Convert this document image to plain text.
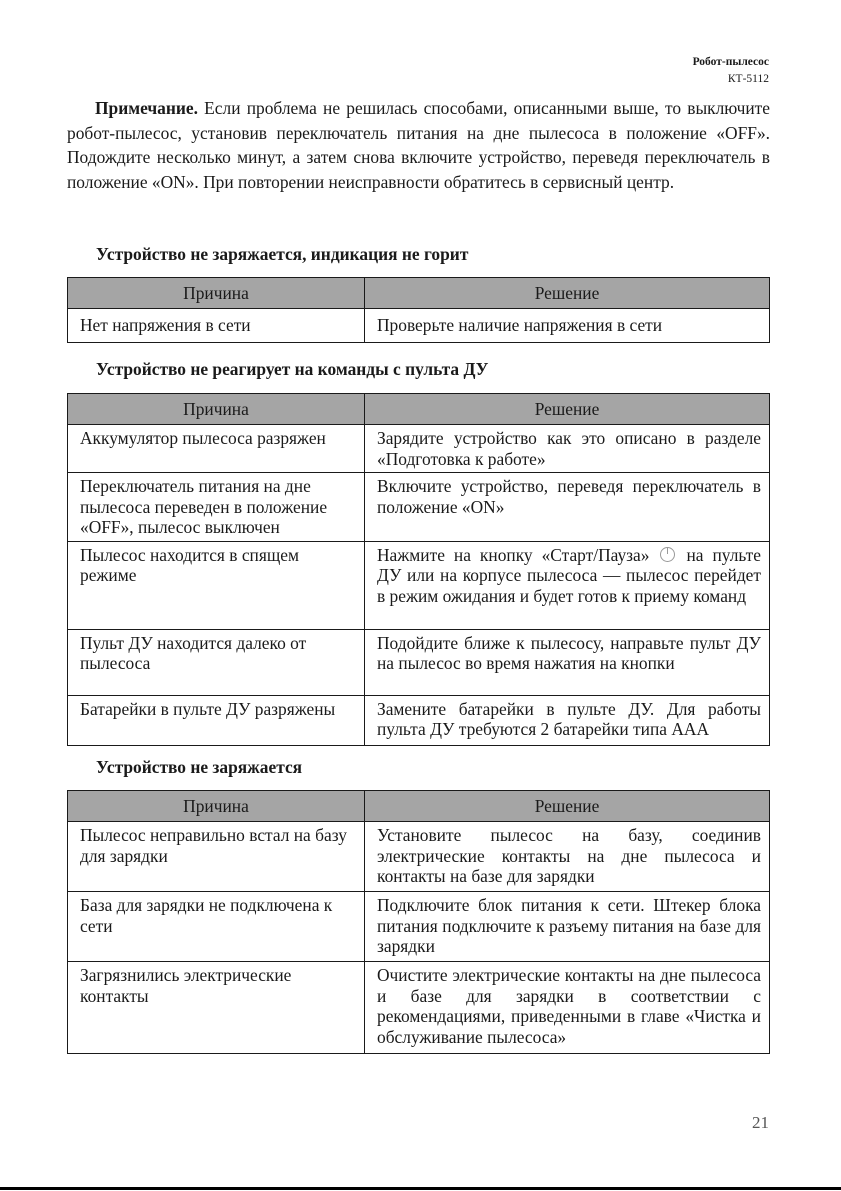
Робот-пылесос
КТ-5112

Примечание. Если проблема не решилась способами, описанными выше, то выключите робот-пылесос, установив переключатель питания на дне пылесоса в положение «OFF». Подождите несколько минут, а затем снова включите устройство, переведя переключатель в положение «ON». При повторении неисправности обратитесь в сервисный центр.

Устройство не заряжается, индикация не горит
Причина	Решение
Нет напряжения в сети	Проверьте наличие напряжения в сети
Устройство не реагирует на команды с пульта ДУ
Причина	Решение
Аккумулятор пылесоса разряжен	Зарядите устройство как это описано в разделе «Подготовка к работе»
Переключатель питания на дне пылесоса переведен в положение «OFF», пылесос выключен	Включите устройство, переведя переключатель в положение «ON»
Пылесос находится в спящем режиме	Нажмите на кнопку «Старт/Пауза» на пульте ДУ или на корпусе пылесоса — пылесос перейдет в режим ожидания и будет готов к приему команд
Пульт ДУ находится далеко от пылесоса	Подойдите ближе к пылесосу, направьте пульт ДУ на пылесос во время нажатия на кнопки
Батарейки в пульте ДУ разряжены	Замените батарейки в пульте ДУ. Для работы пульта ДУ требуются 2 батарейки типа ААА
Устройство не заряжается
Причина	Решение
Пылесос неправильно встал на базу для зарядки	Установите пылесос на базу, соединив электрические контакты на дне пылесоса и контакты на базе для зарядки
База для зарядки не подключена к сети	Подключите блок питания к сети. Штекер блока питания подключите к разъему питания на базе для зарядки
Загрязнились электрические контакты	Очистите электрические контакты на дне пылесоса и базе для зарядки в соответствии с рекомендациями, приведенными в главе «Чистка и обслуживание пылесоса»
21
